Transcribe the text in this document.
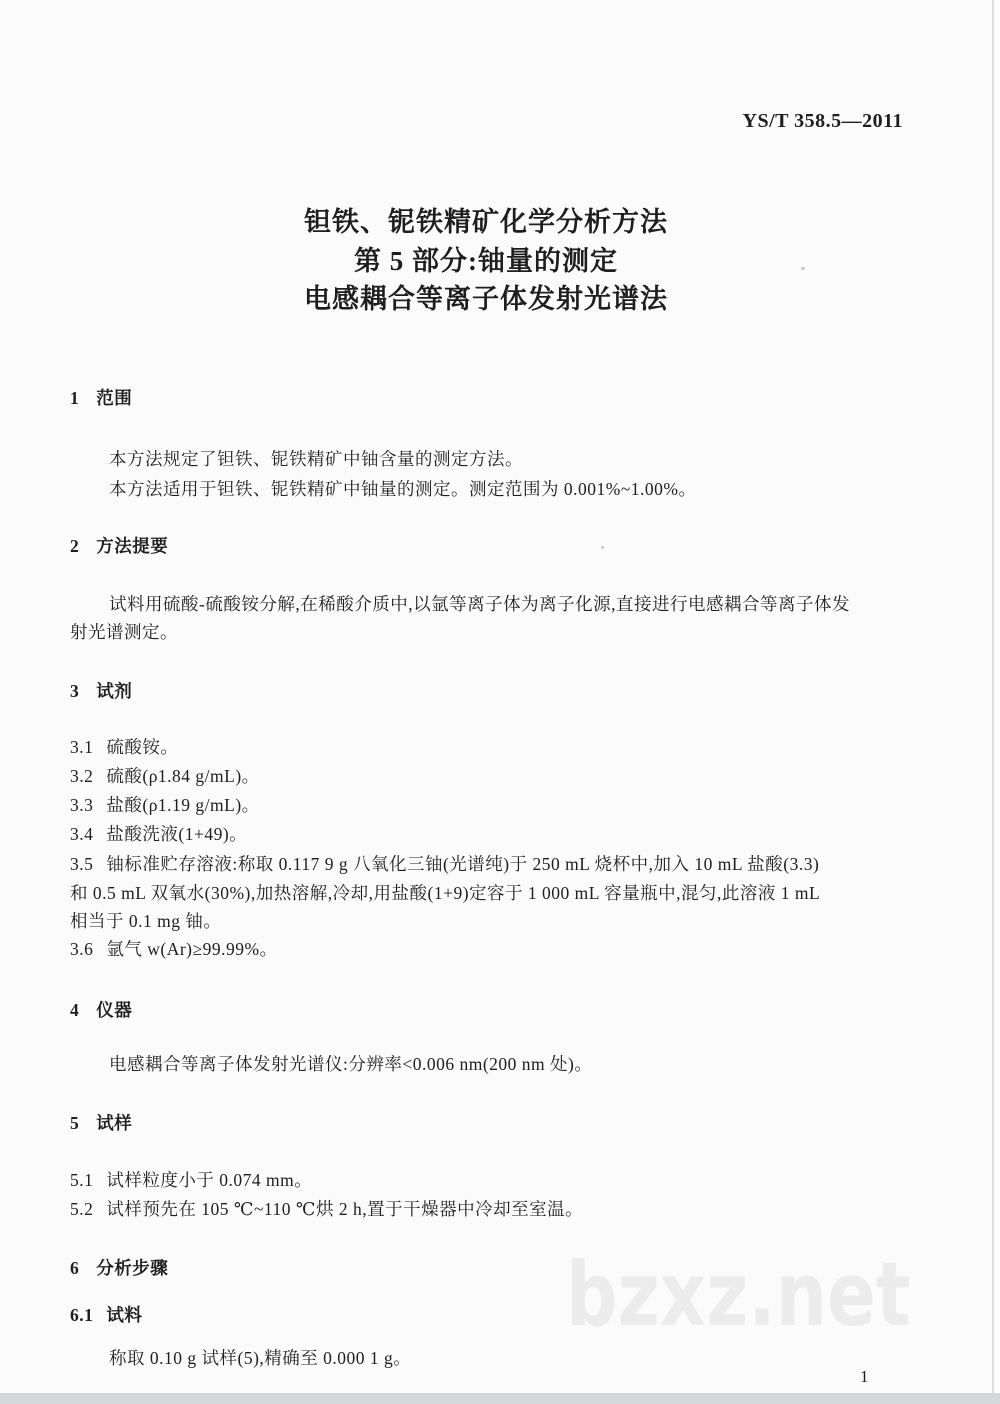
bzxz.net
YS/T 358.5—2011
钽铁、铌铁精矿化学分析方法
第 5 部分:铀量的测定
电感耦合等离子体发射光谱法
1 范围
本方法规定了钽铁、铌铁精矿中铀含量的测定方法。
本方法适用于钽铁、铌铁精矿中铀量的测定。测定范围为 0.001%~1.00%。
2 方法提要
试料用硫酸-硫酸铵分解,在稀酸介质中,以氩等离子体为离子化源,直接进行电感耦合等离子体发
射光谱测定。
3 试剂
3.1 硫酸铵。
3.2 硫酸(ρ1.84 g/mL)。
3.3 盐酸(ρ1.19 g/mL)。
3.4 盐酸洗液(1+49)。
3.5 铀标准贮存溶液:称取 0.117 9 g 八氧化三铀(光谱纯)于 250 mL 烧杯中,加入 10 mL 盐酸(3.3)
和 0.5 mL 双氧水(30%),加热溶解,冷却,用盐酸(1+9)定容于 1 000 mL 容量瓶中,混匀,此溶液 1 mL
相当于 0.1 mg 铀。
3.6 氩气 w(Ar)≥99.99%。
4 仪器
电感耦合等离子体发射光谱仪:分辨率<0.006 nm(200 nm 处)。
5 试样
5.1 试样粒度小于 0.074 mm。
5.2 试样预先在 105 ℃~110 ℃烘 2 h,置于干燥器中冷却至室温。
6 分析步骤
6.1 试料
称取 0.10 g 试样(5),精确至 0.000 1 g。
1
